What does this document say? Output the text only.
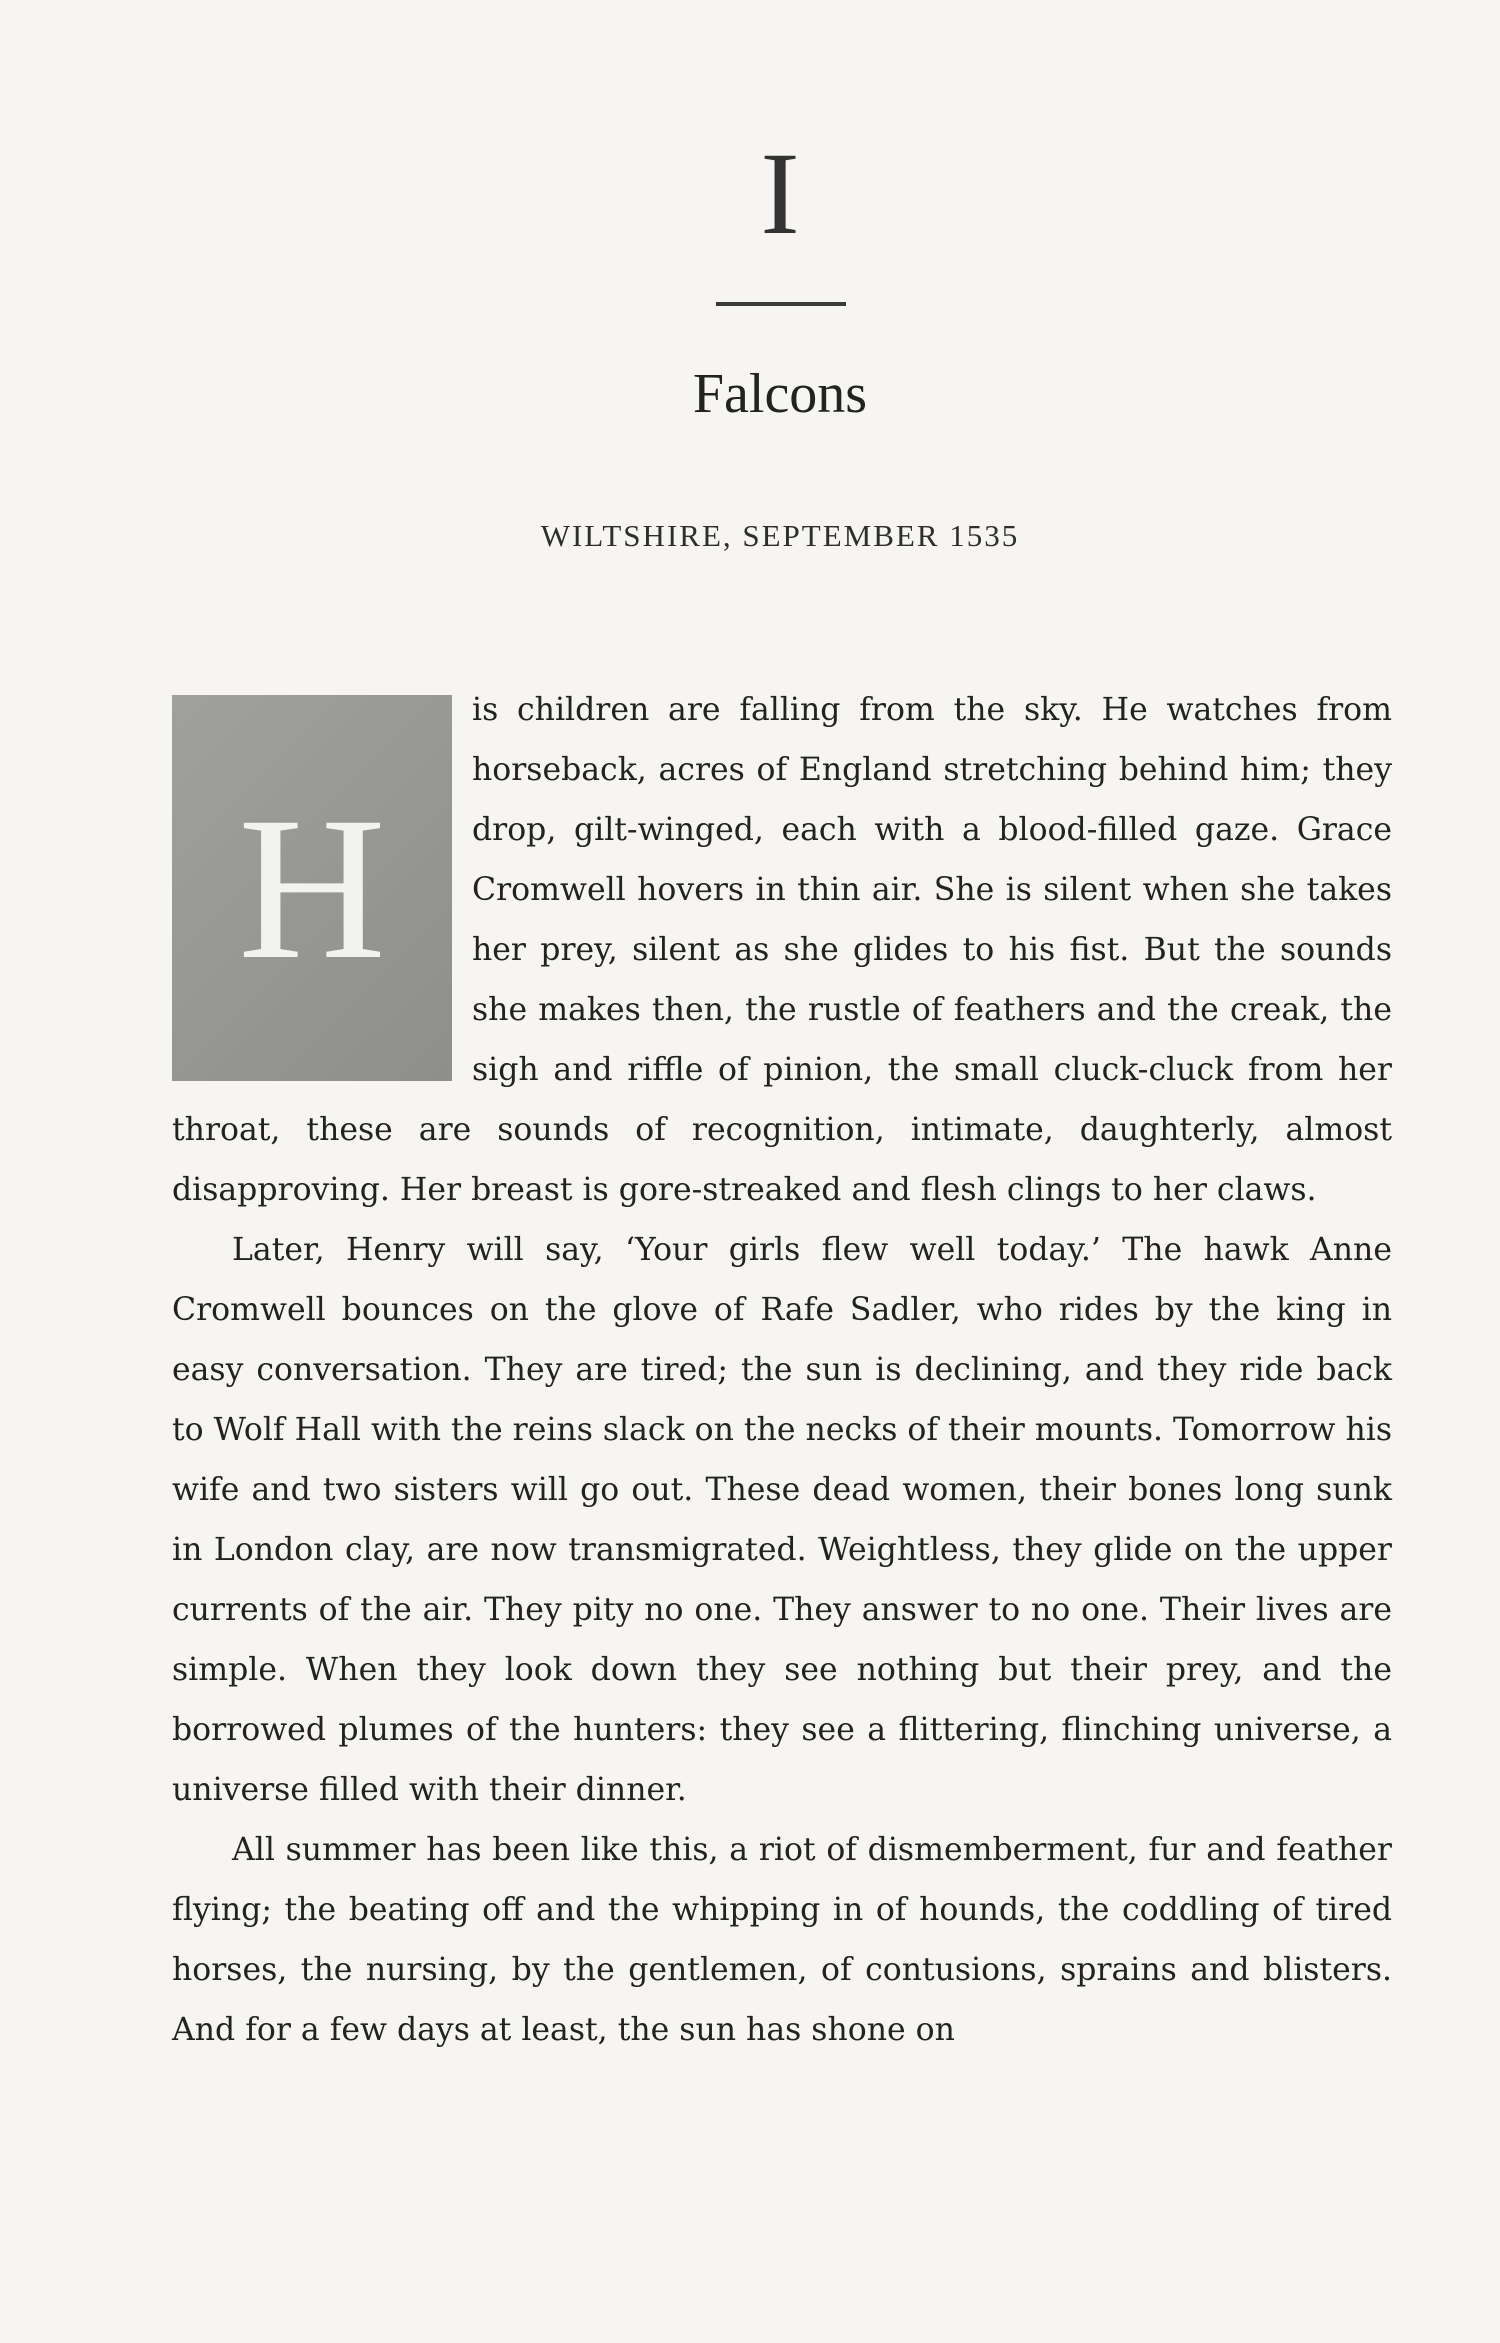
I
Falcons
WILTSHIRE, SEPTEMBER 1535
H

is children are falling from the sky. He watches from horseback, acres of England stretching behind him; they drop, gilt-winged, each with a blood-filled gaze. Grace Cromwell hovers in thin air. She is silent when she takes her prey, silent as she glides to his fist. But the sounds she makes then, the rustle of feathers and the creak, the sigh and riffle of pinion, the small cluck-cluck from her throat, these are sounds of recognition, intimate, daughterly, almost disapproving. Her breast is gore-streaked and flesh clings to her claws.

Later, Henry will say, ‘Your girls flew well today.’ The hawk Anne Cromwell bounces on the glove of Rafe Sadler, who rides by the king in easy conversation. They are tired; the sun is declining, and they ride back to Wolf Hall with the reins slack on the necks of their mounts. Tomorrow his wife and two sisters will go out. These dead women, their bones long sunk in London clay, are now transmigrated. Weightless, they glide on the upper currents of the air. They pity no one. They answer to no one. Their lives are simple. When they look down they see nothing but their prey, and the borrowed plumes of the hunters: they see a flittering, flinching universe, a universe filled with their dinner.

All summer has been like this, a riot of dismemberment, fur and feather flying; the beating off and the whipping in of hounds, the coddling of tired horses, the nursing, by the gentlemen, of contusions, sprains and blisters. And for a few days at least, the sun has shone on
